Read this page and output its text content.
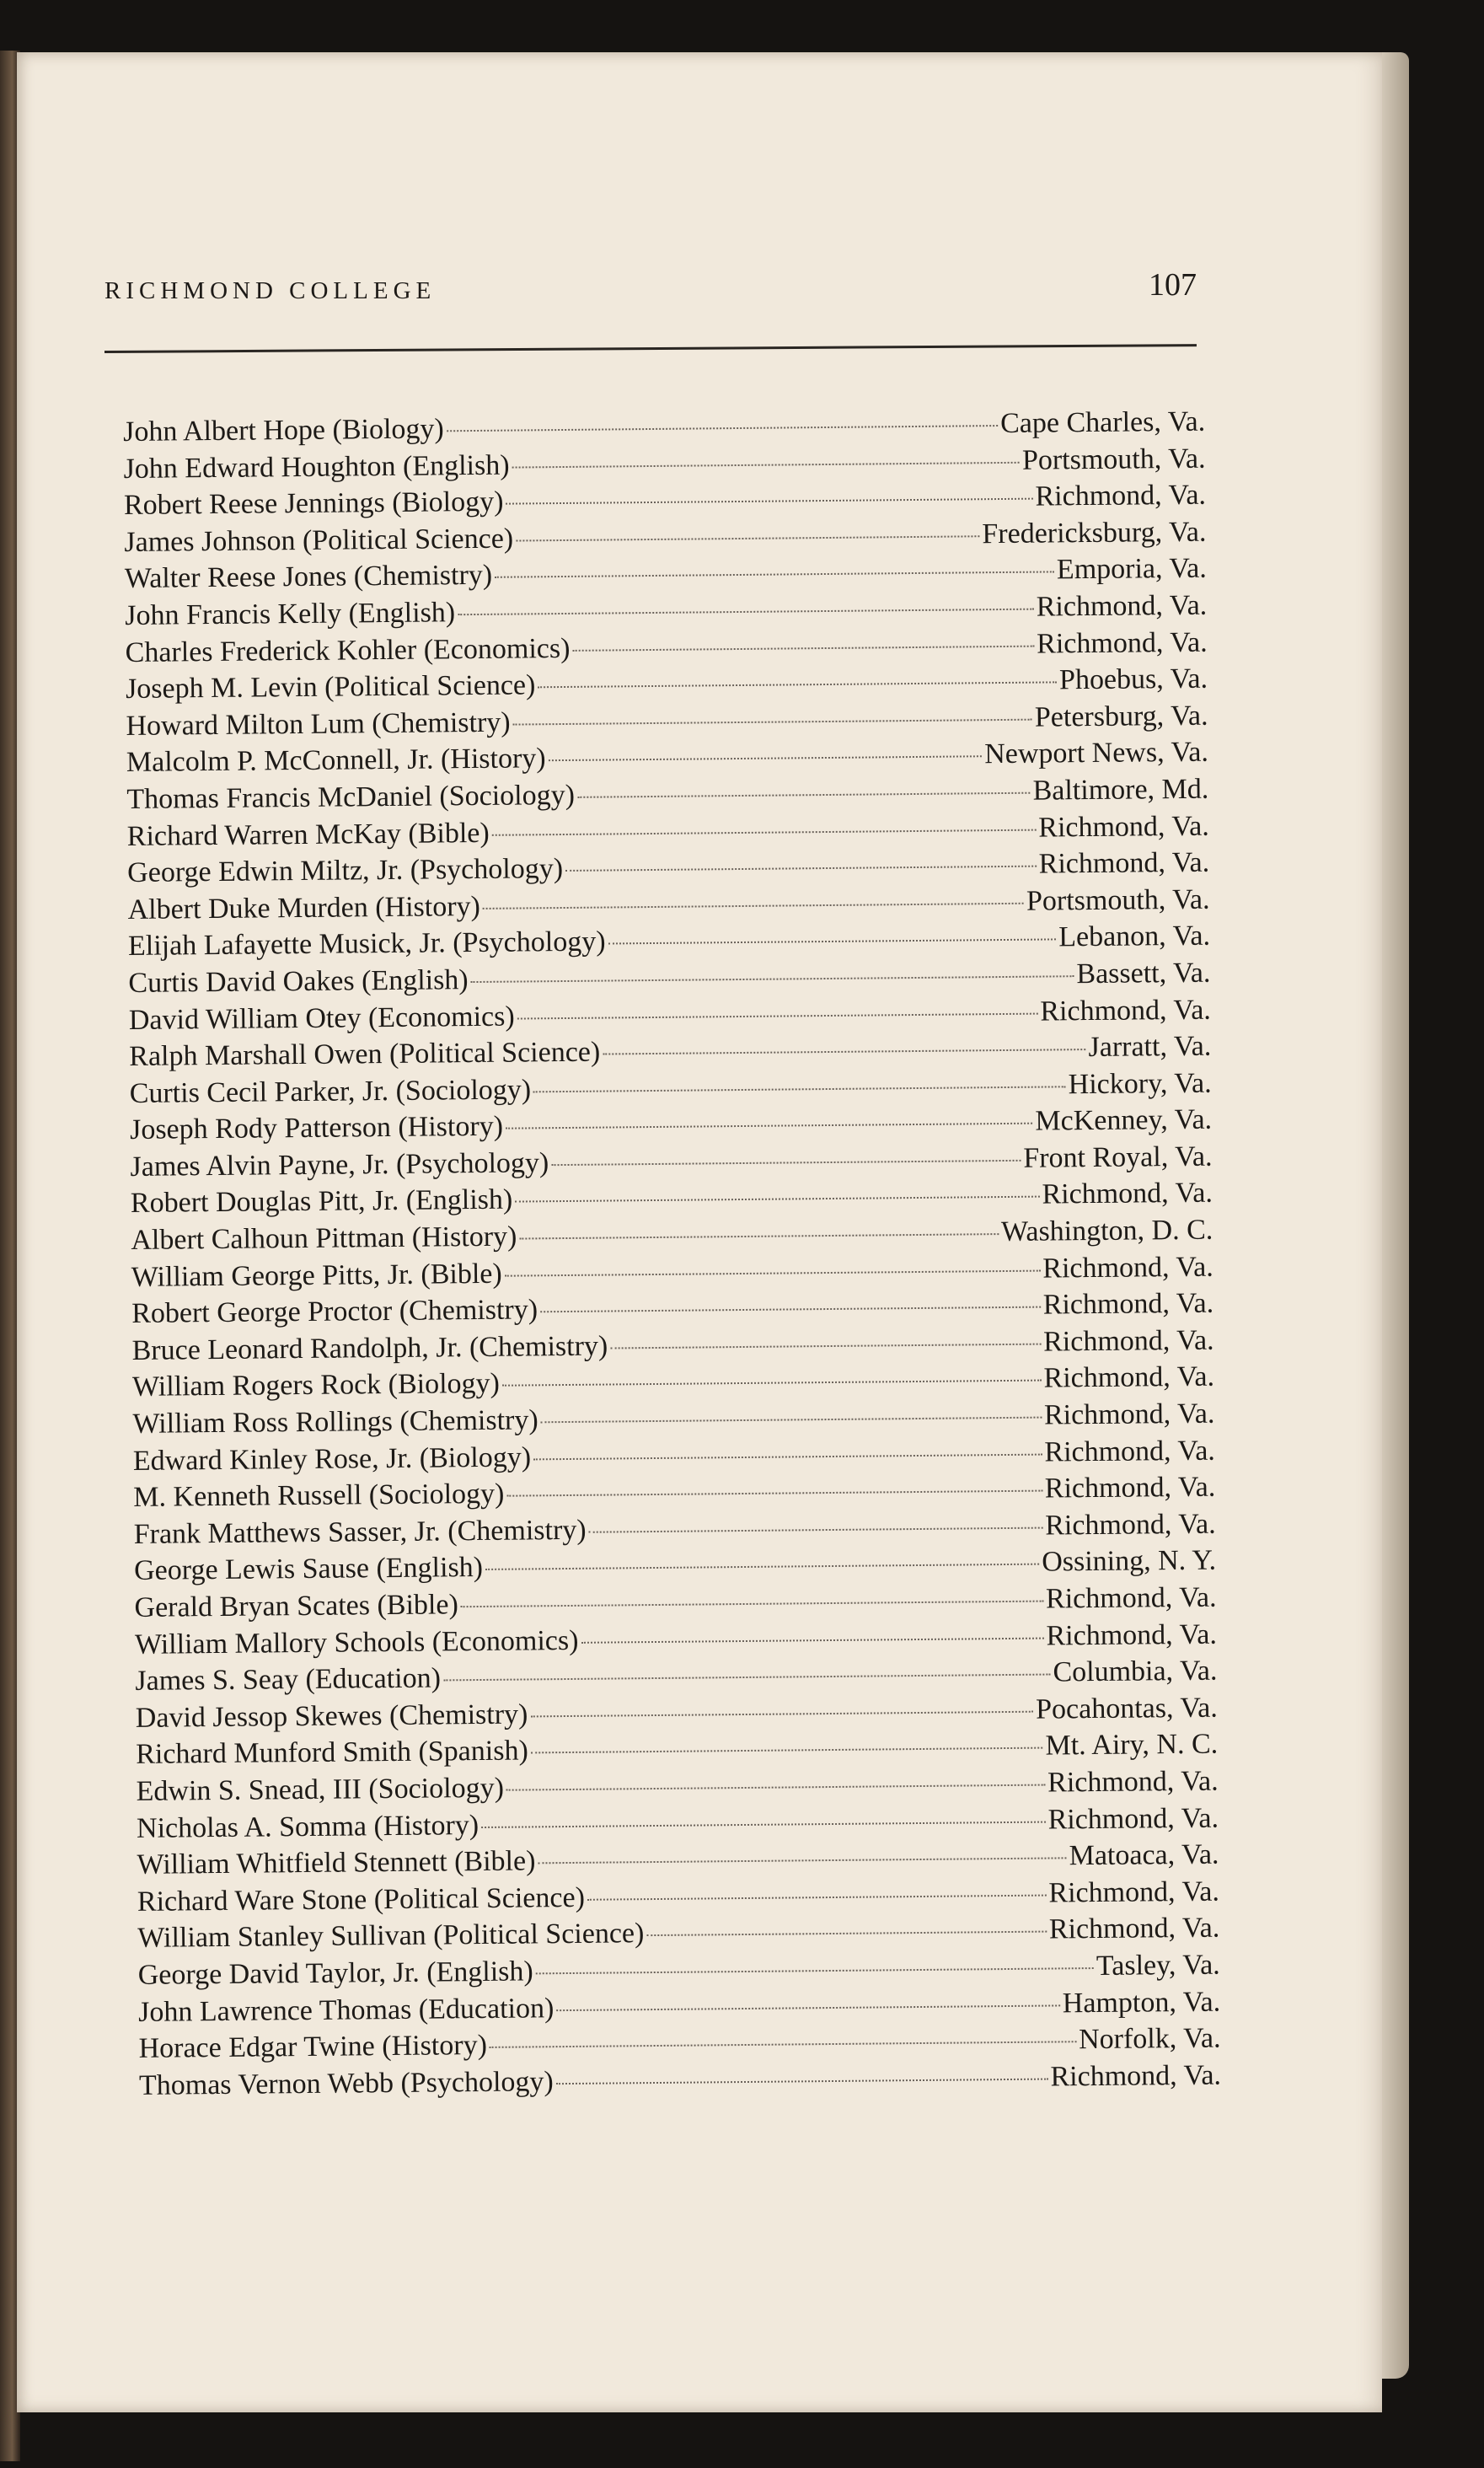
RICHMOND COLLEGE	107
John Albert Hope (Biology)	Cape Charles, Va.
John Edward Houghton (English)	Portsmouth, Va.
Robert Reese Jennings (Biology)	Richmond, Va.
James Johnson (Political Science)	Fredericksburg, Va.
Walter Reese Jones (Chemistry)	Emporia, Va.
John Francis Kelly (English)	Richmond, Va.
Charles Frederick Kohler (Economics)	Richmond, Va.
Joseph M. Levin (Political Science)	Phoebus, Va.
Howard Milton Lum (Chemistry)	Petersburg, Va.
Malcolm P. McConnell, Jr. (History)	Newport News, Va.
Thomas Francis McDaniel (Sociology)	Baltimore, Md.
Richard Warren McKay (Bible)	Richmond, Va.
George Edwin Miltz, Jr. (Psychology)	Richmond, Va.
Albert Duke Murden (History)	Portsmouth, Va.
Elijah Lafayette Musick, Jr. (Psychology)	Lebanon, Va.
Curtis David Oakes (English)	Bassett, Va.
David William Otey (Economics)	Richmond, Va.
Ralph Marshall Owen (Political Science)	Jarratt, Va.
Curtis Cecil Parker, Jr. (Sociology)	Hickory, Va.
Joseph Rody Patterson (History)	McKenney, Va.
James Alvin Payne, Jr. (Psychology)	Front Royal, Va.
Robert Douglas Pitt, Jr. (English)	Richmond, Va.
Albert Calhoun Pittman (History)	Washington, D. C.
William George Pitts, Jr. (Bible)	Richmond, Va.
Robert George Proctor (Chemistry)	Richmond, Va.
Bruce Leonard Randolph, Jr. (Chemistry)	Richmond, Va.
William Rogers Rock (Biology)	Richmond, Va.
William Ross Rollings (Chemistry)	Richmond, Va.
Edward Kinley Rose, Jr. (Biology)	Richmond, Va.
M. Kenneth Russell (Sociology)	Richmond, Va.
Frank Matthews Sasser, Jr. (Chemistry)	Richmond, Va.
George Lewis Sause (English)	Ossining, N. Y.
Gerald Bryan Scates (Bible)	Richmond, Va.
William Mallory Schools (Economics)	Richmond, Va.
James S. Seay (Education)	Columbia, Va.
David Jessop Skewes (Chemistry)	Pocahontas, Va.
Richard Munford Smith (Spanish)	Mt. Airy, N. C.
Edwin S. Snead, III (Sociology)	Richmond, Va.
Nicholas A. Somma (History)	Richmond, Va.
William Whitfield Stennett (Bible)	Matoaca, Va.
Richard Ware Stone (Political Science)	Richmond, Va.
William Stanley Sullivan (Political Science)	Richmond, Va.
George David Taylor, Jr. (English)	Tasley, Va.
John Lawrence Thomas (Education)	Hampton, Va.
Horace Edgar Twine (History)	Norfolk, Va.
Thomas Vernon Webb (Psychology)	Richmond, Va.
